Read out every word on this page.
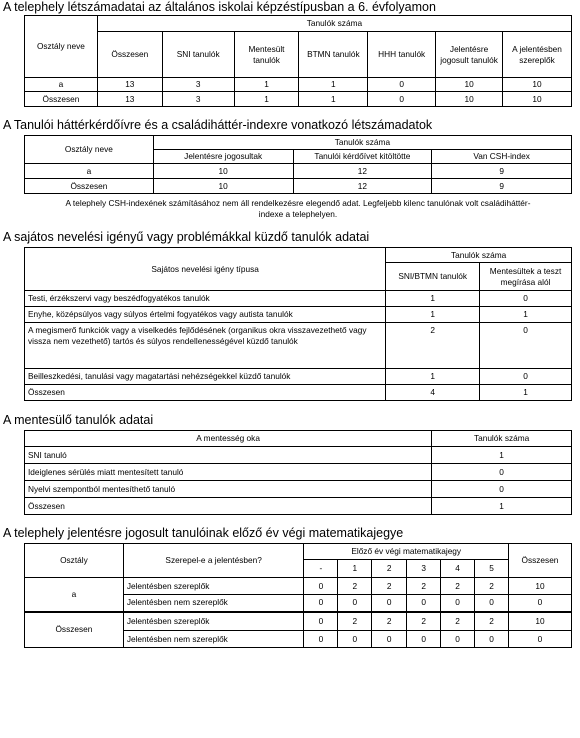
A telephely létszámadatai az általános iskolai képzéstípusban a 6. évfolyamon
Osztály neve	Tanulók száma						
	Összesen	SNI tanulók	Mentesült tanulók	BTMN tanulók	HHH tanulók	Jelentésre jogosult tanulók	A jelentésben szereplők
a	13	3	1	1	0	10	10
Összesen	13	3	1	1	0	10	10
A Tanulói háttérkérdőívre és a családiháttér-indexre vonatkozó létszámadatok
Osztály neve	Tanulók száma		
	Jelentésre jogosultak	Tanulói kérdőívet kitöltötte	Van CSH-index
a	10	12	9
Összesen	10	12	9
A telephely CSH-indexének számításához nem áll rendelkezésre elegendő adat. Legfeljebb kilenc tanulónak volt családiháttér-
indexe a telephelyen.
A sajátos nevelési igényű vagy problémákkal küzdő tanulók adatai
Sajátos nevelési igény típusa	Tanulók száma	
	SNI/BTMN tanulók	Mentesültek a teszt megírása alól
Testi, érzékszervi vagy beszédfogyatékos tanulók	1	0
Enyhe, középsúlyos vagy súlyos értelmi fogyatékos vagy autista tanulók	1	1
A megismerő funkciók vagy a viselkedés fejlődésének (organikus okra visszavezethető vagy vissza nem vezethető) tartós és súlyos rendellenességével küzdő tanulók	2	0
Beilleszkedési, tanulási vagy magatartási nehézségekkel küzdő tanulók	1	0
Összesen	4	1
A mentesülő tanulók adatai
A mentesség oka	Tanulók száma
SNI tanuló	1
Ideiglenes sérülés miatt mentesített tanuló	0
Nyelvi szempontból mentesíthető tanuló	0
Összesen	1
A telephely jelentésre jogosult tanulóinak előző év végi matematikajegye
Osztály	Szerepel-e a jelentésben?	Előző év végi matematikajegy						Összesen
		-	1	2	3	4	5	
a	Jelentésben szereplők	0	2	2	2	2	2	10
	Jelentésben nem szereplők	0	0	0	0	0	0	0
Összesen	Jelentésben szereplők	0	2	2	2	2	2	10
	Jelentésben nem szereplők	0	0	0	0	0	0	0
